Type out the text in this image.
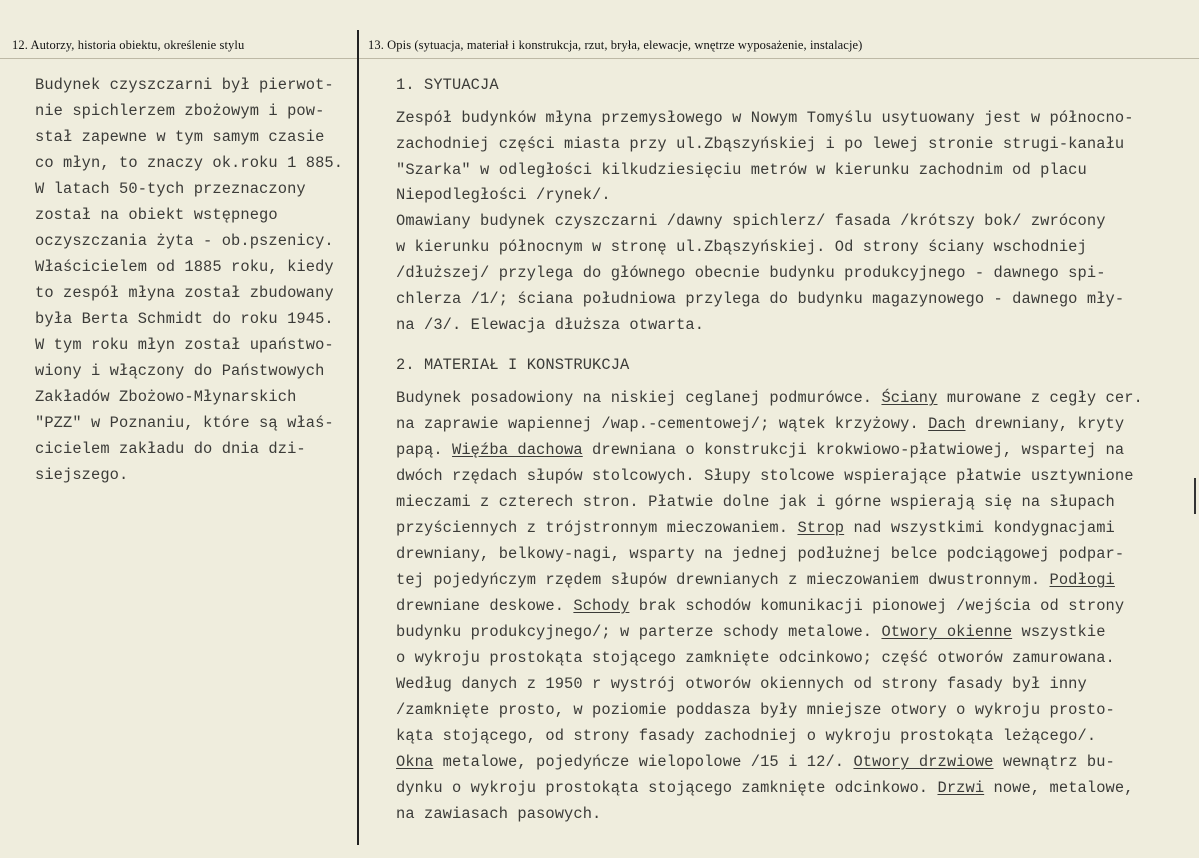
12. Autorzy, historia obiektu, określenie stylu	13. Opis (sytuacja, materiał i konstrukcja, rzut, bryła, elewacje, wnętrze wyposażenie, instalacje)
Budynek czyszczarni był pierwot-
nie spichlerzem zbożowym i pow-
stał zapewne w tym samym czasie
co młyn, to znaczy ok.roku 1 885.
W latach 50-tych przeznaczony
został na obiekt wstępnego
oczyszczania żyta - ob.pszenicy.
Właścicielem od 1885 roku, kiedy
to zespół młyna został zbudowany
była Berta Schmidt do roku 1945.
W tym roku młyn został upaństwo-
wiony i włączony do Państwowych
Zakładów Zbożowo-Młynarskich
"PZZ" w Poznaniu, które są właś-
cicielem zakładu do dnia dzi-
siejszego.
1. SYTUACJA
Zespół budynków młyna przemysłowego w Nowym Tomyślu usytuowany jest w północno-
zachodniej części miasta przy ul.Zbąszyńskiej i po lewej stronie strugi-kanału
"Szarka" w odległości kilkudziesięciu metrów w kierunku zachodnim od placu
Niepodległości /rynek/.
Omawiany budynek czyszczarni /dawny spichlerz/ fasada /krótszy bok/ zwrócony
w kierunku północnym w stronę ul.Zbąszyńskiej. Od strony ściany wschodniej
/dłuższej/ przylega do głównego obecnie budynku produkcyjnego - dawnego spi-
chlerza /1/; ściana południowa przylega do budynku magazynowego - dawnego mły-
na /3/. Elewacja dłuższa otwarta.
2. MATERIAŁ I KONSTRUKCJA
Budynek posadowiony na niskiej ceglanej podmurówce. Ściany murowane z cegły cer.
na zaprawie wapiennej /wap.-cementowej/; wątek krzyżowy. Dach drewniany, kryty
papą. Więźba dachowa drewniana o konstrukcji krokwiowo-płatwiowej, wspartej na
dwóch rzędach słupów stolcowych. Słupy stolcowe wspierające płatwie usztywnione
mieczami z czterech stron. Płatwie dolne jak i górne wspierają się na słupach
przyściennych z trójstronnym mieczowaniem. Strop nad wszystkimi kondygnacjami
drewniany, belkowy-nagi, wsparty na jednej podłużnej belce podciągowej podpar-
tej pojedyńczym rzędem słupów drewnianych z mieczowaniem dwustronnym. Podłogi
drewniane deskowe. Schody brak schodów komunikacji pionowej /wejścia od strony
budynku produkcyjnego/; w parterze schody metalowe. Otwory okienne wszystkie
o wykroju prostokąta stojącego zamknięte odcinkowo; część otworów zamurowana.
Według danych z 1950 r wystrój otworów okiennych od strony fasady był inny
/zamknięte prosto, w poziomie poddasza były mniejsze otwory o wykroju prosto-
kąta stojącego, od strony fasady zachodniej o wykroju prostokąta leżącego/.
Okna metalowe, pojedyńcze wielopolowe /15 i 12/. Otwory drzwiowe wewnątrz bu-
dynku o wykroju prostokąta stojącego zamknięte odcinkowo. Drzwi nowe, metalowe,
na zawiasach pasowych.
